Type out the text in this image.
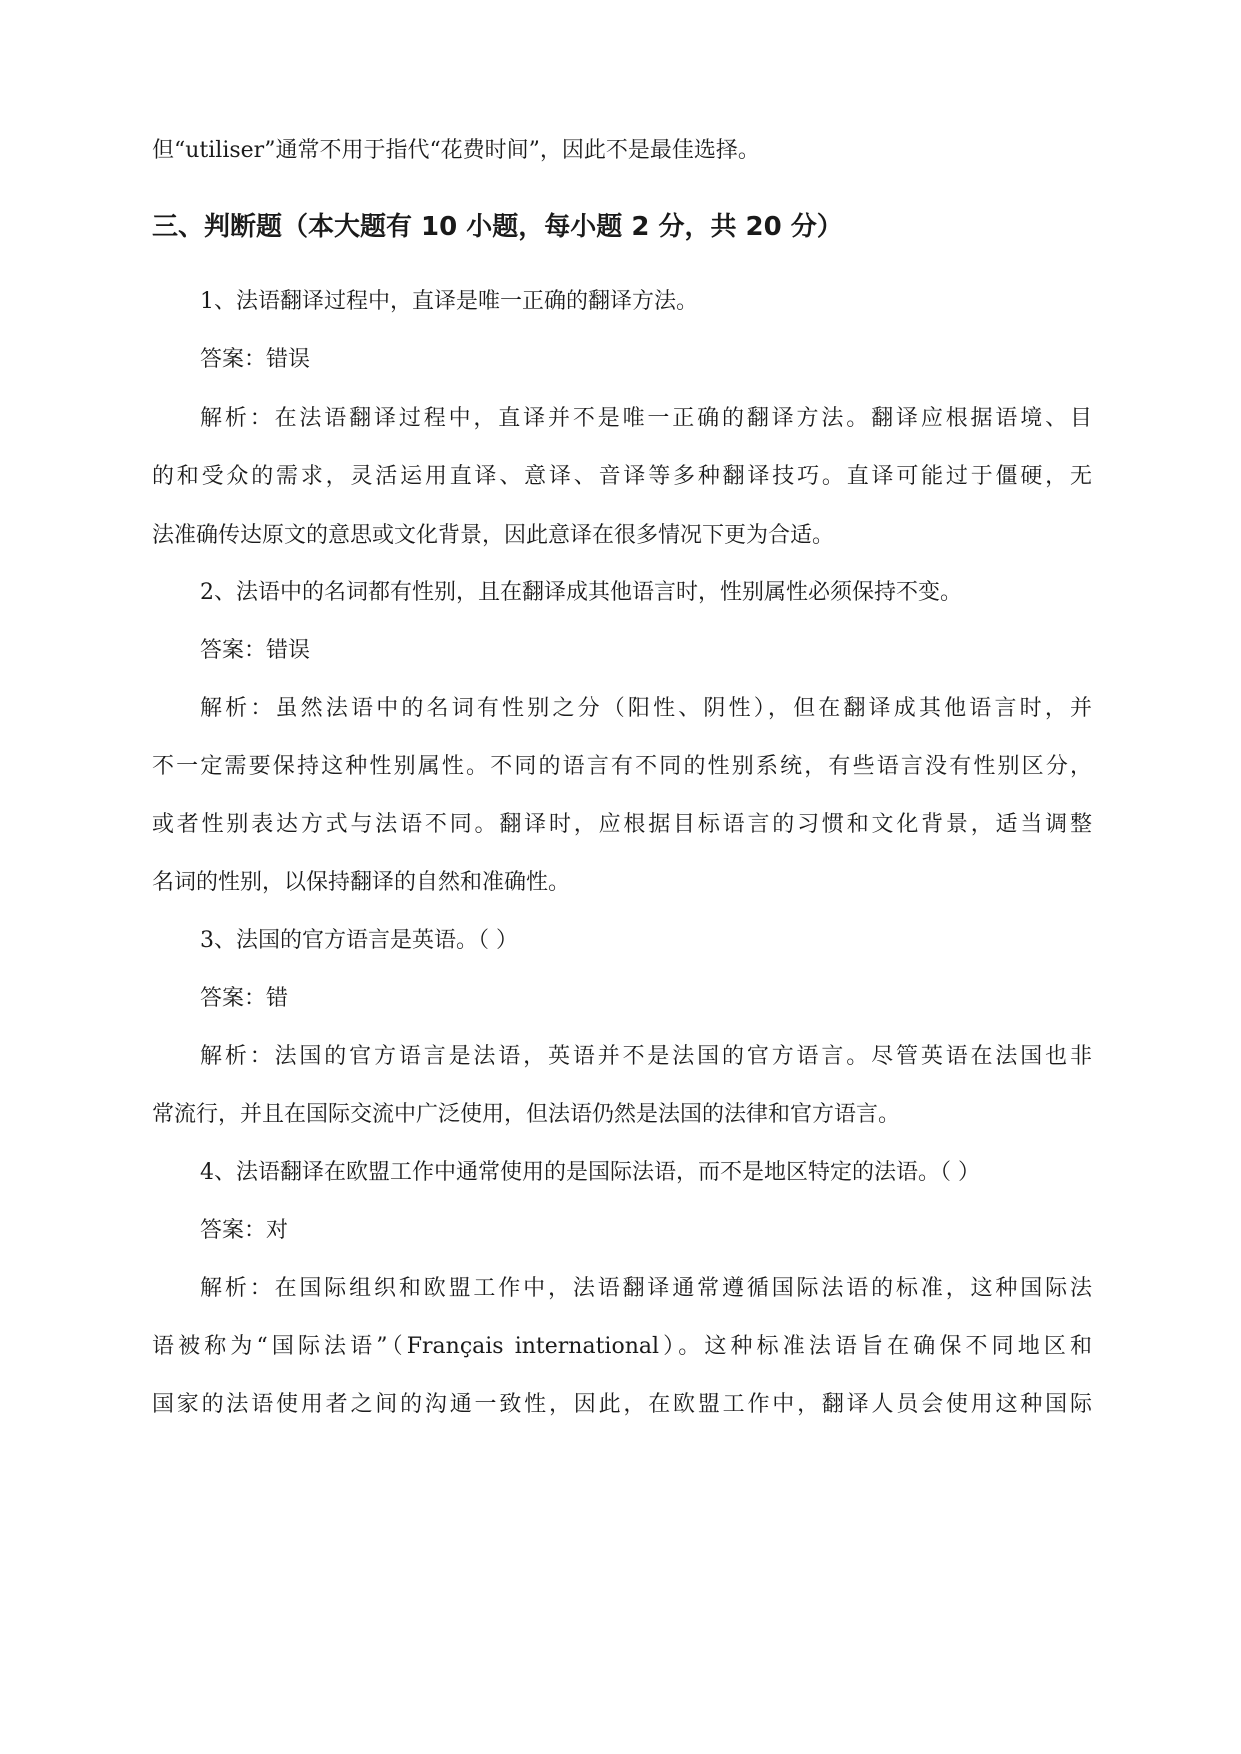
但“utiliser”通常不用于指代“花费时间”，因此不是最佳选择。
三、判断题（本大题有 10 小题，每小题 2 分，共 20 分）
1、法语翻译过程中，直译是唯一正确的翻译方法。
答案：错误
解析：在法语翻译过程中，直译并不是唯一正确的翻译方法。翻译应根据语境、目
的和受众的需求，灵活运用直译、意译、音译等多种翻译技巧。直译可能过于僵硬，无
法准确传达原文的意思或文化背景，因此意译在很多情况下更为合适。
2、法语中的名词都有性别，且在翻译成其他语言时，性别属性必须保持不变。
答案：错误
解析：虽然法语中的名词有性别之分（阳性、阴性），但在翻译成其他语言时，并
不一定需要保持这种性别属性。不同的语言有不同的性别系统，有些语言没有性别区分，
或者性别表达方式与法语不同。翻译时，应根据目标语言的习惯和文化背景，适当调整
名词的性别，以保持翻译的自然和准确性。
3、法国的官方语言是英语。（ ）
答案：错
解析：法国的官方语言是法语，英语并不是法国的官方语言。尽管英语在法国也非
常流行，并且在国际交流中广泛使用，但法语仍然是法国的法律和官方语言。
4、法语翻译在欧盟工作中通常使用的是国际法语，而不是地区特定的法语。（ ）
答案：对
解析：在国际组织和欧盟工作中，法语翻译通常遵循国际法语的标准，这种国际法
语被称为“国际法语”（Français international）。这种标准法语旨在确保不同地区和
国家的法语使用者之间的沟通一致性，因此，在欧盟工作中，翻译人员会使用这种国际
